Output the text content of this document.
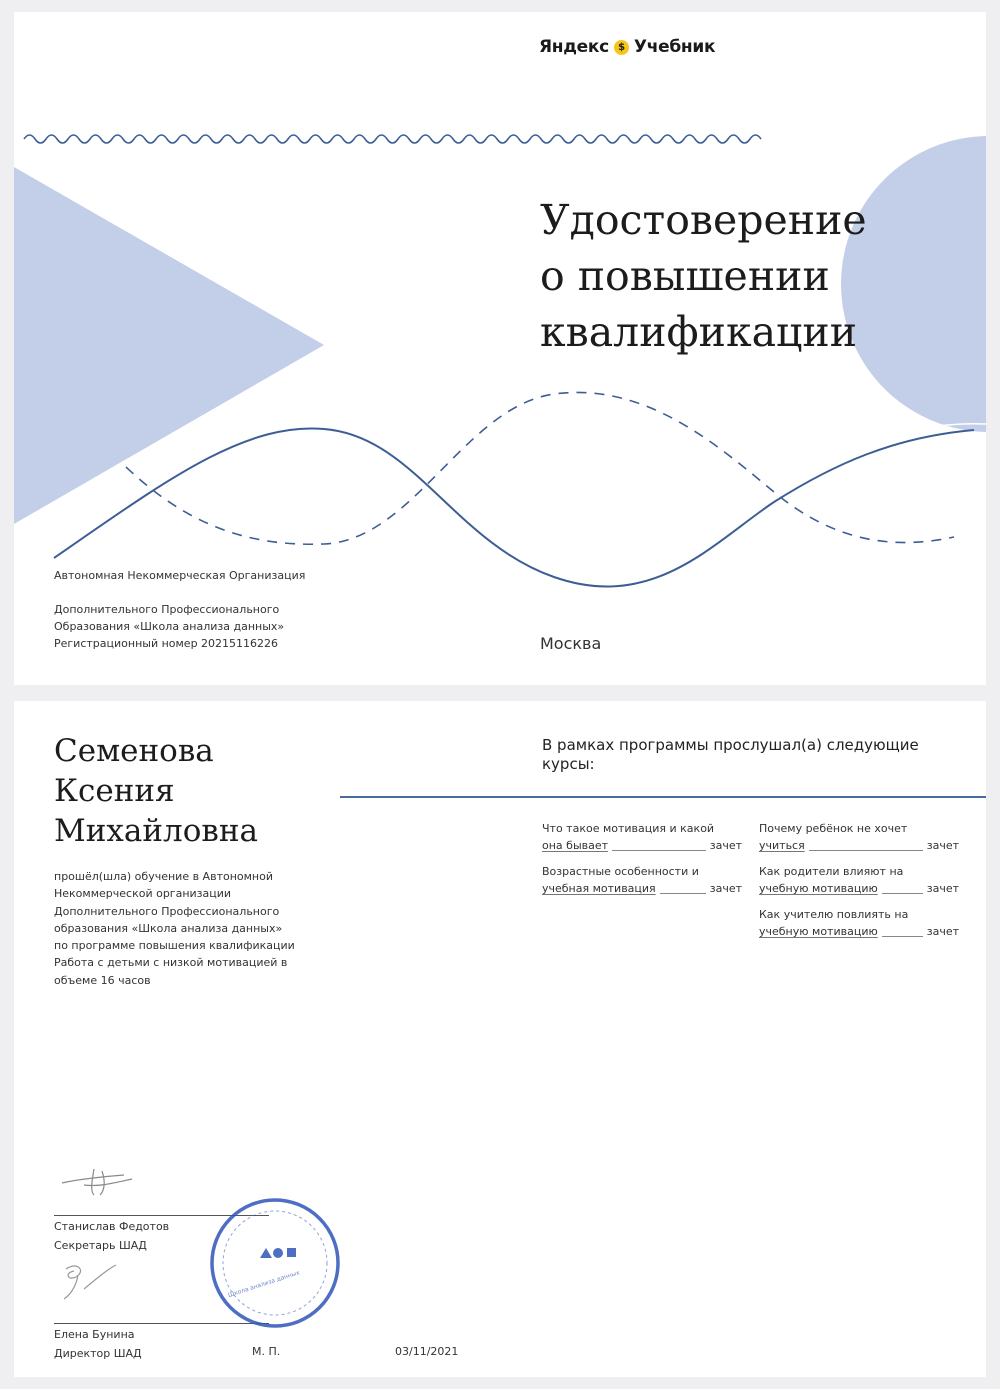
Яндекс $ Учебник
Удостоверение
о повышении
квалификации
Автономная Некоммерческая Организация
Дополнительного Профессионального
Образования «Школа анализа данных»
Регистрационный номер 20215116226	Москва
Семенова
Ксения
Михайловна
прошёл(шла) обучение в Автономной Некоммерческой организации Дополнительного Профессионального образования «Школа анализа данных» по программе повышения квалификации Работа с детьми с низкой мотивацией в объеме 16 часов
В рамках программы прослушал(а) следующие курсы:
Что такое мотивация и какой
она бывает	зачет
Возрастные особенности и
учебная мотивация	зачет
Почему ребёнок не хочет
учиться	зачет
Как родители влияют на
учебную мотивацию	зачет
Как учителю повлиять на
учебную мотивацию	зачет
Станислав Федотов
Секретарь ШАД
Елена Бунина
Директор ШАД
Школа анализа данных
М. П.	03/11/2021
